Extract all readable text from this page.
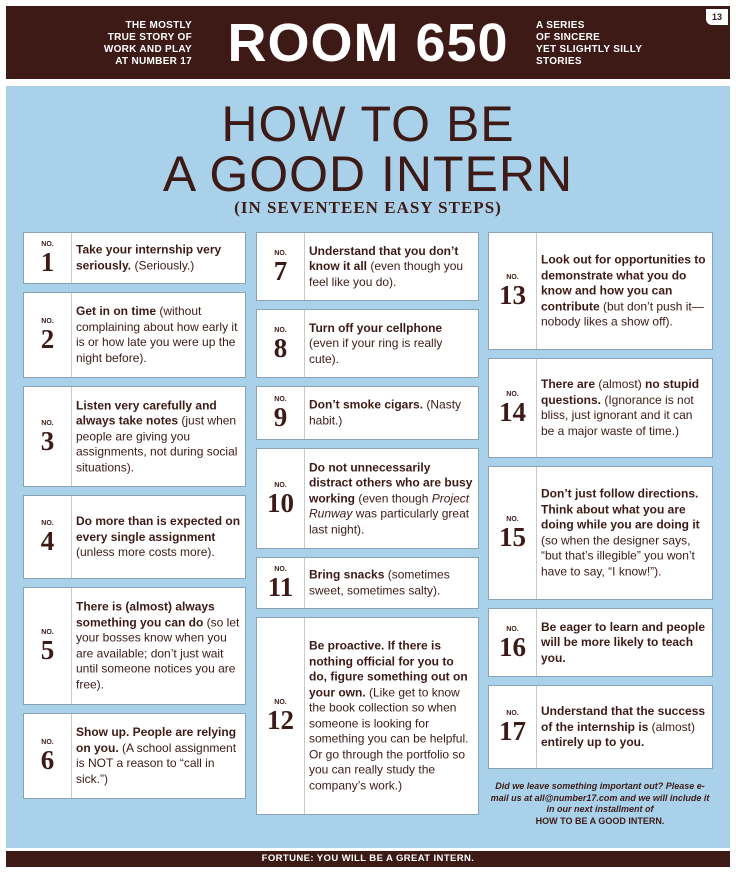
THE MOSTLY
TRUE STORY OF
WORK AND PLAY
AT NUMBER 17 ROOM 650	A SERIES
OF SINCERE
YET SLIGHTLY SILLY
STORIES
13
HOW TO BE
A GOOD INTERN
(IN SEVENTEEN EASY STEPS)
NO.
1 Take your internship very seriously. (Seriously.)
NO.
2
Get in on time (without complaining about how early it is or how late you were up the night before).
NO.
3
Listen very carefully and always take notes (just when people are giving you assignments, not during social situations).
NO.
4
Do more than is expected on every single assignment (unless more costs more).
NO.
5
There is (almost) always something you can do (so let your bosses know when you are available; don’t just wait until someone notices you are free).
NO.
6
Show up. People are relying on you. (A school assignment is NOT a reason to “call in sick.”)
NO.
7
Understand that you don’t know it all (even though you feel like you do).
NO.
8
Turn off your cellphone (even if your ring is really cute).
NO.
9 Don’t smoke cigars. (Nasty habit.)
NO.
10
Do not unnecessarily distract others who are busy working (even though Project Runway was particularly great last night).
NO.
11 Bring snacks (sometimes sweet, sometimes salty).
NO.
12
Be proactive. If there is nothing official for you to do, figure something out on your own. (Like get to know the book collection so when someone is looking for something you can be helpful. Or go through the portfolio so you can really study the company’s work.)
NO.
13
Look out for opportunities to demonstrate what you do know and how you can contribute (but don’t push it—nobody likes a show off).
NO.
14
There are (almost) no stupid questions. (Ignorance is not bliss, just ignorant and it can be a major waste of time.)
NO.
15
Don’t just follow directions. Think about what you are doing while you are doing it (so when the designer says, “but that’s illegible” you won’t have to say, “I know!”).
NO.
16
Be eager to learn and people will be more likely to teach you.
NO.
17
Understand that the success of the internship is (almost) entirely up to you.
Did we leave something important out? Please e-mail us at all@number17.com and we will include it in our next installment of
HOW TO BE A GOOD INTERN.
FORTUNE: YOU WILL BE A GREAT INTERN.
